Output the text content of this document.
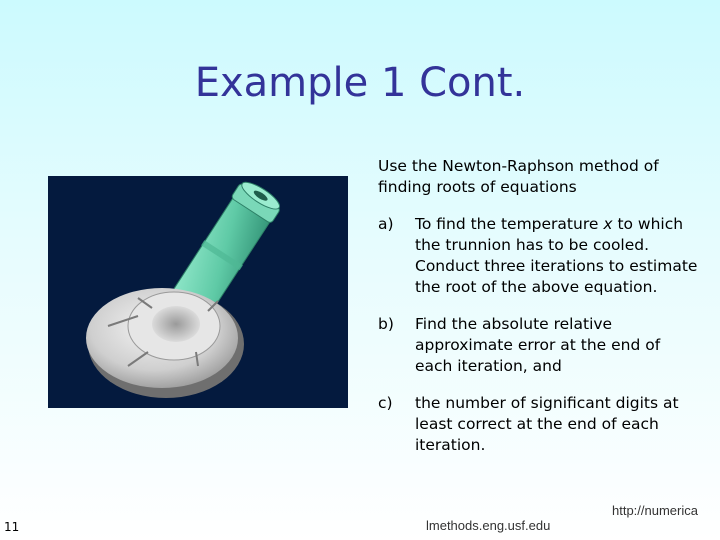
Example 1 Cont.

Use the Newton-Raphson method of finding roots of equations

a) To find the temperature x to which the trunnion has to be cooled. Conduct three iterations to estimate the root of the above equation.
b) Find the absolute relative approximate error at the end of each iteration, and
c) the number of significant digits at least correct at the end of each iteration.
11
http://numerica
lmethods.eng.usf.edu
